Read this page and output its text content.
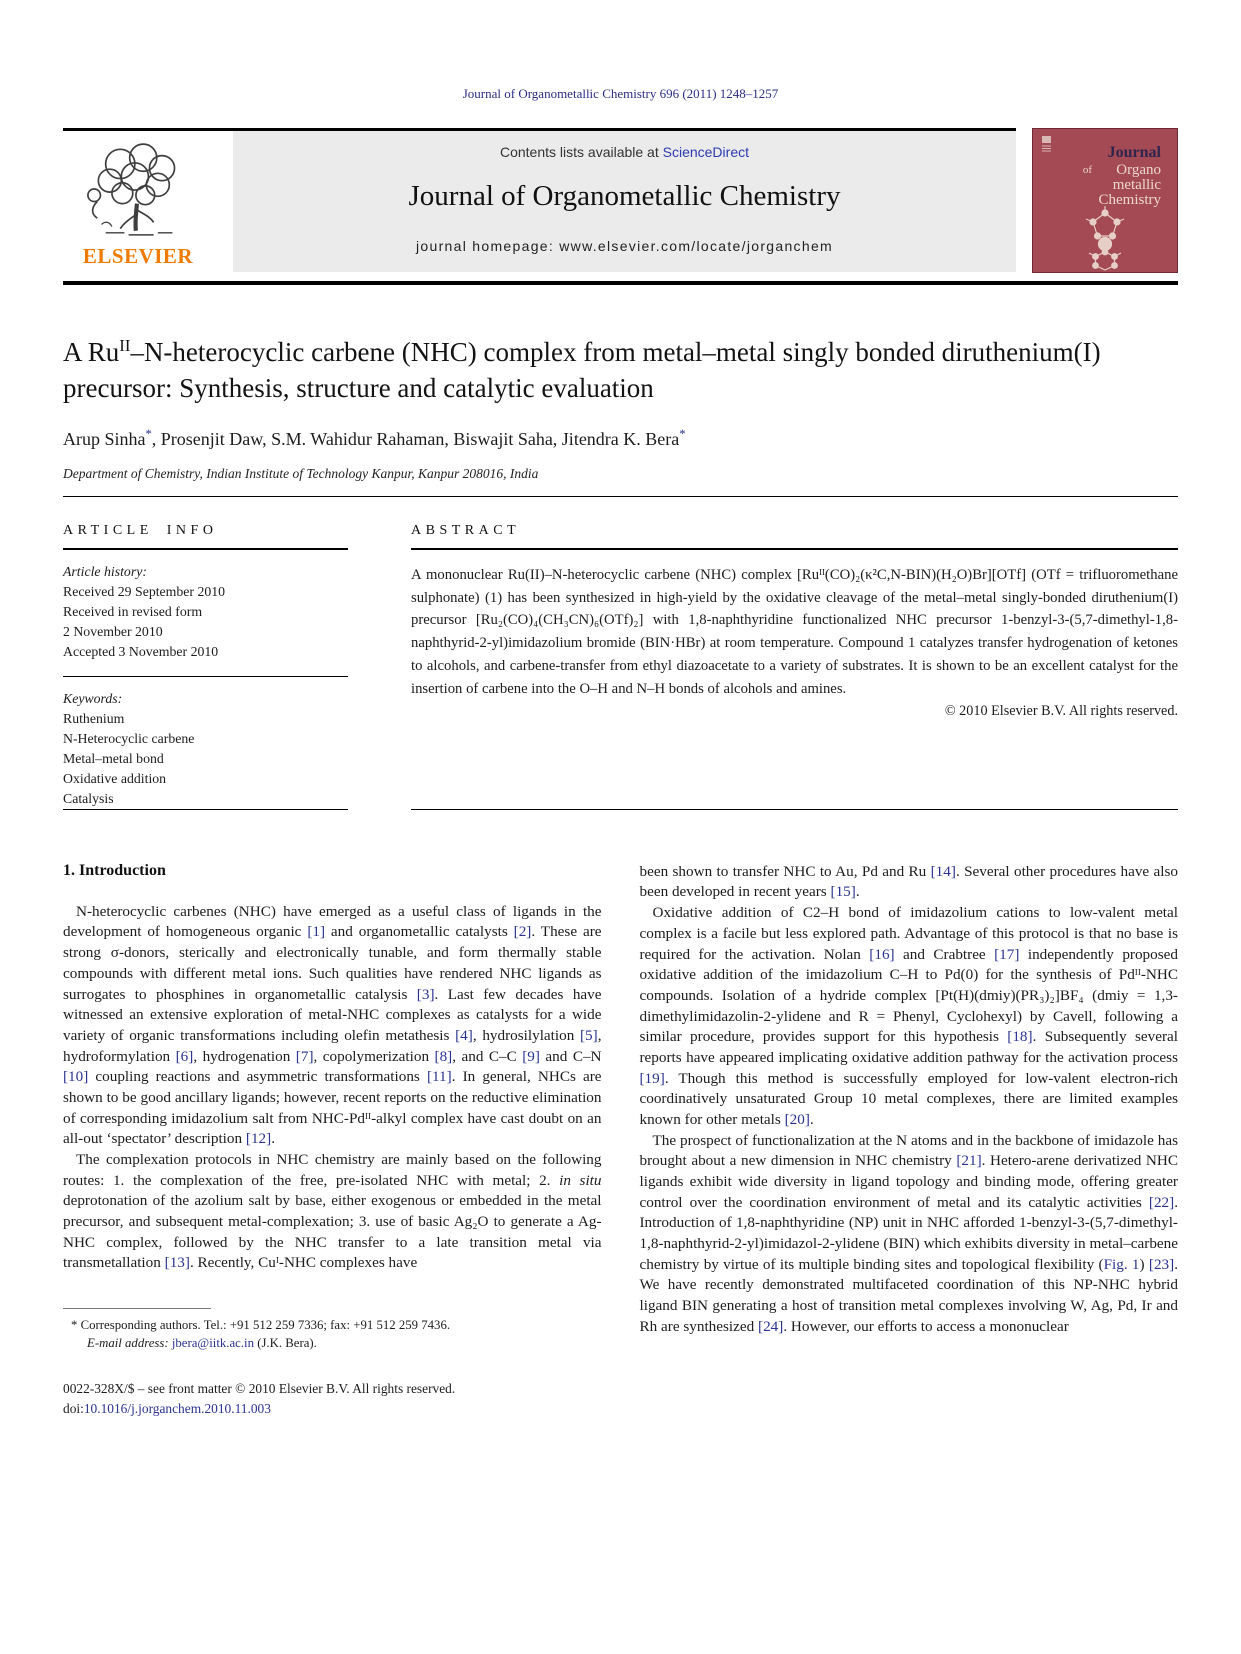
Journal of Organometallic Chemistry 696 (2011) 1248–1257
ELSEVIER
Contents lists available at ScienceDirect
Journal of Organometallic Chemistry
journal homepage: www.elsevier.com/locate/jorganchem
Journal
of Organo
metallic
Chemistry
A $Ru^{II}-N$-heterocyclic carbene (NHC) complex from metal–metal singly bonded diruthenium(I) precursor: Synthesis, structure and catalytic evaluation
Arup Sinha*, Prosenjit Daw, S.M. Wahidur Rahaman, Biswajit Saha, Jitendra K. Bera*
Department of Chemistry, Indian Institute of Technology Kanpur, Kanpur 208016, India
ARTICLE INFO
Article history:
Received 29 September 2010
Received in revised form
2 November 2010
Accepted 3 November 2010
Keywords:
Ruthenium
N-Heterocyclic carbene
Metal–metal bond
Oxidative addition
Catalysis
ABSTRACT

A mononuclear Ru(II)–N-heterocyclic carbene (NHC) complex [Ruᴵᴵ(CO)₂(κ²C,N-BIN)(H₂O)Br][OTf] (OTf = trifluoromethane sulphonate) (1) has been synthesized in high-yield by the oxidative cleavage of the metal–metal singly-bonded diruthenium(I) precursor [Ru₂(CO)₄(CH₃CN)₆(OTf)₂] with 1,8-naphthyridine functionalized NHC precursor 1-benzyl-3-(5,7-dimethyl-1,8-naphthyrid-2-yl)imidazolium bromide (BIN·HBr) at room temperature. Compound 1 catalyzes transfer hydrogenation of ketones to alcohols, and carbene-transfer from ethyl diazoacetate to a variety of substrates. It is shown to be an excellent catalyst for the insertion of carbene into the O–H and N–H bonds of alcohols and amines.

© 2010 Elsevier B.V. All rights reserved.
1. Introduction

N-heterocyclic carbenes (NHC) have emerged as a useful class of ligands in the development of homogeneous organic [1] and organometallic catalysts [2]. These are strong σ-donors, sterically and electronically tunable, and form thermally stable compounds with different metal ions. Such qualities have rendered NHC ligands as surrogates to phosphines in organometallic catalysis [3]. Last few decades have witnessed an extensive exploration of metal-NHC complexes as catalysts for a wide variety of organic transformations including olefin metathesis [4], hydrosilylation [5], hydroformylation [6], hydrogenation [7], copolymerization [8], and C–C [9] and C–N [10] coupling reactions and asymmetric transformations [11]. In general, NHCs are shown to be good ancillary ligands; however, recent reports on the reductive elimination of corresponding imidazolium salt from NHC-Pdᴵᴵ-alkyl complex have cast doubt on an all-out ‘spectator’ description [12].

The complexation protocols in NHC chemistry are mainly based on the following routes: 1. the complexation of the free, pre-isolated NHC with metal; 2. in situ deprotonation of the azolium salt by base, either exogenous or embedded in the metal precursor, and subsequent metal-complexation; 3. use of basic Ag₂O to generate a Ag-NHC complex, followed by the NHC transfer to a late transition metal via transmetallation [13]. Recently, Cuᴵ-NHC complexes have

* Corresponding authors. Tel.: +91 512 259 7336; fax: +91 512 259 7436.
E-mail address: jbera@iitk.ac.in (J.K. Bera).

been shown to transfer NHC to Au, Pd and Ru [14]. Several other procedures have also been developed in recent years [15].

Oxidative addition of C2–H bond of imidazolium cations to low-valent metal complex is a facile but less explored path. Advantage of this protocol is that no base is required for the activation. Nolan [16] and Crabtree [17] independently proposed oxidative addition of the imidazolium C–H to Pd(0) for the synthesis of Pdᴵᴵ-NHC compounds. Isolation of a hydride complex [Pt(H)(dmiy)(PR₃)₂]BF₄ (dmiy = 1,3-dimethylimidazolin-2-ylidene and R = Phenyl, Cyclohexyl) by Cavell, following a similar procedure, provides support for this hypothesis [18]. Subsequently several reports have appeared implicating oxidative addition pathway for the activation process [19]. Though this method is successfully employed for low-valent electron-rich coordinatively unsaturated Group 10 metal complexes, there are limited examples known for other metals [20].

The prospect of functionalization at the N atoms and in the backbone of imidazole has brought about a new dimension in NHC chemistry [21]. Hetero-arene derivatized NHC ligands exhibit wide diversity in ligand topology and binding mode, offering greater control over the coordination environment of metal and its catalytic activities [22]. Introduction of 1,8-naphthyridine (NP) unit in NHC afforded 1-benzyl-3-(5,7-dimethyl-1,8-naphthyrid-2-yl)imidazol-2-ylidene (BIN) which exhibits diversity in metal–carbene chemistry by virtue of its multiple binding sites and topological flexibility (Fig. 1) [23]. We have recently demonstrated multifaceted coordination of this NP-NHC hybrid ligand BIN generating a host of transition metal complexes involving W, Ag, Pd, Ir and Rh are synthesized [24]. However, our efforts to access a mononuclear

0022-328X/$ – see front matter © 2010 Elsevier B.V. All rights reserved.
doi:10.1016/j.jorganchem.2010.11.003
